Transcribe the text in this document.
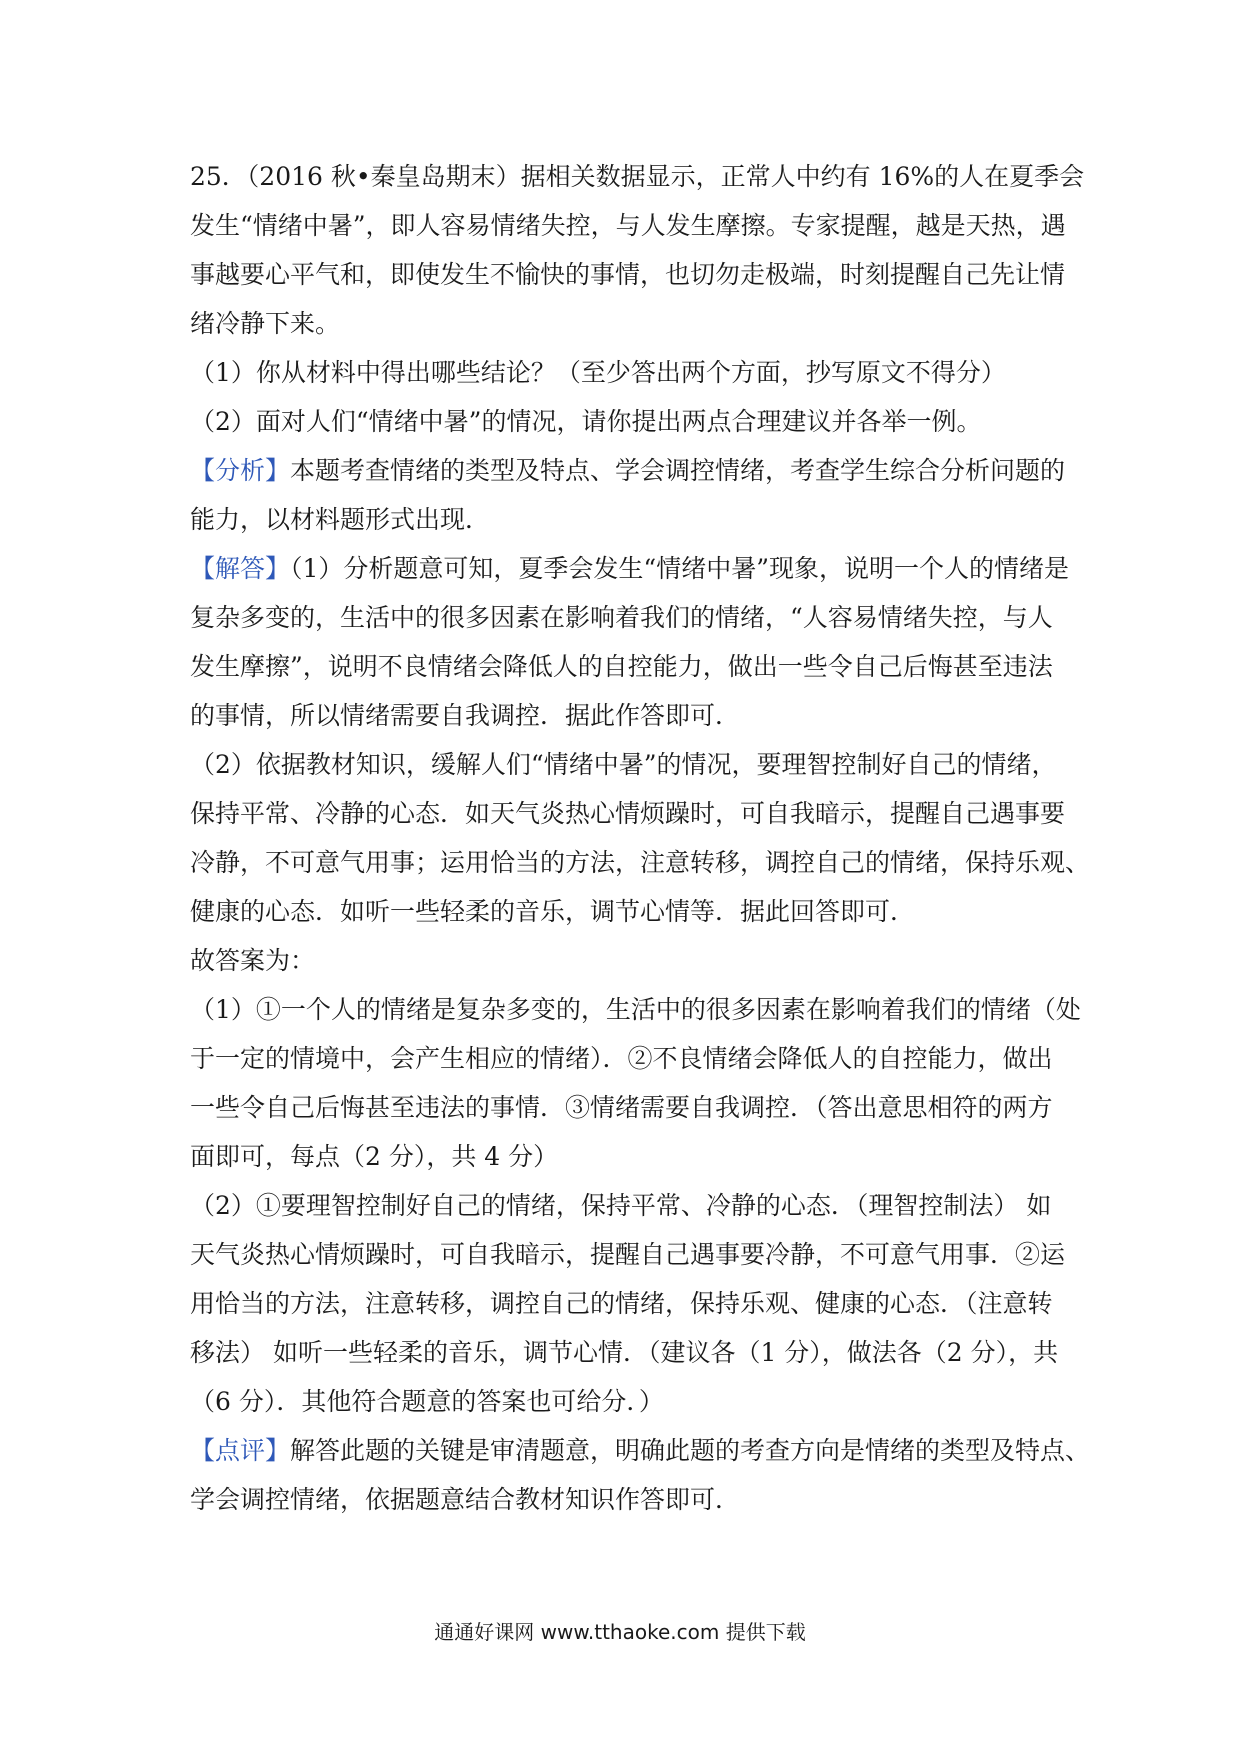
25．（2016 秋•秦皇岛期末）据相关数据显示，正常人中约有 16%的人在夏季会
发生“情绪中暑”，即人容易情绪失控，与人发生摩擦。专家提醒，越是天热，遇
事越要心平气和，即使发生不愉快的事情，也切勿走极端，时刻提醒自己先让情
绪冷静下来。
（1）你从材料中得出哪些结论？（至少答出两个方面，抄写原文不得分）
（2）面对人们“情绪中暑”的情况，请你提出两点合理建议并各举一例。
【分析】本题考查情绪的类型及特点、学会调控情绪，考查学生综合分析问题的
能力，以材料题形式出现．
【解答】（1）分析题意可知，夏季会发生“情绪中暑”现象，说明一个人的情绪是
复杂多变的，生活中的很多因素在影响着我们的情绪，“人容易情绪失控，与人
发生摩擦”，说明不良情绪会降低人的自控能力，做出一些令自己后悔甚至违法
的事情，所以情绪需要自我调控．据此作答即可．
（2）依据教材知识，缓解人们“情绪中暑”的情况，要理智控制好自己的情绪，
保持平常、冷静的心态．如天气炎热心情烦躁时，可自我暗示，提醒自己遇事要
冷静，不可意气用事；运用恰当的方法，注意转移，调控自己的情绪，保持乐观、
健康的心态．如听一些轻柔的音乐，调节心情等．据此回答即可．
故答案为：
（1）①一个人的情绪是复杂多变的，生活中的很多因素在影响着我们的情绪（处
于一定的情境中，会产生相应的情绪）．②不良情绪会降低人的自控能力，做出
一些令自己后悔甚至违法的事情．③情绪需要自我调控．（答出意思相符的两方
面即可，每点（2 分），共 4 分）
（2）①要理智控制好自己的情绪，保持平常、冷静的心态．（理智控制法） 如
天气炎热心情烦躁时，可自我暗示，提醒自己遇事要冷静，不可意气用事．②运
用恰当的方法，注意转移，调控自己的情绪，保持乐观、健康的心态．（注意转
移法） 如听一些轻柔的音乐，调节心情．（建议各（1 分），做法各（2 分），共
（6 分）．其他符合题意的答案也可给分．）
【点评】解答此题的关键是审清题意，明确此题的考查方向是情绪的类型及特点、
学会调控情绪，依据题意结合教材知识作答即可．
通通好课网 www.tthaoke.com 提供下载
